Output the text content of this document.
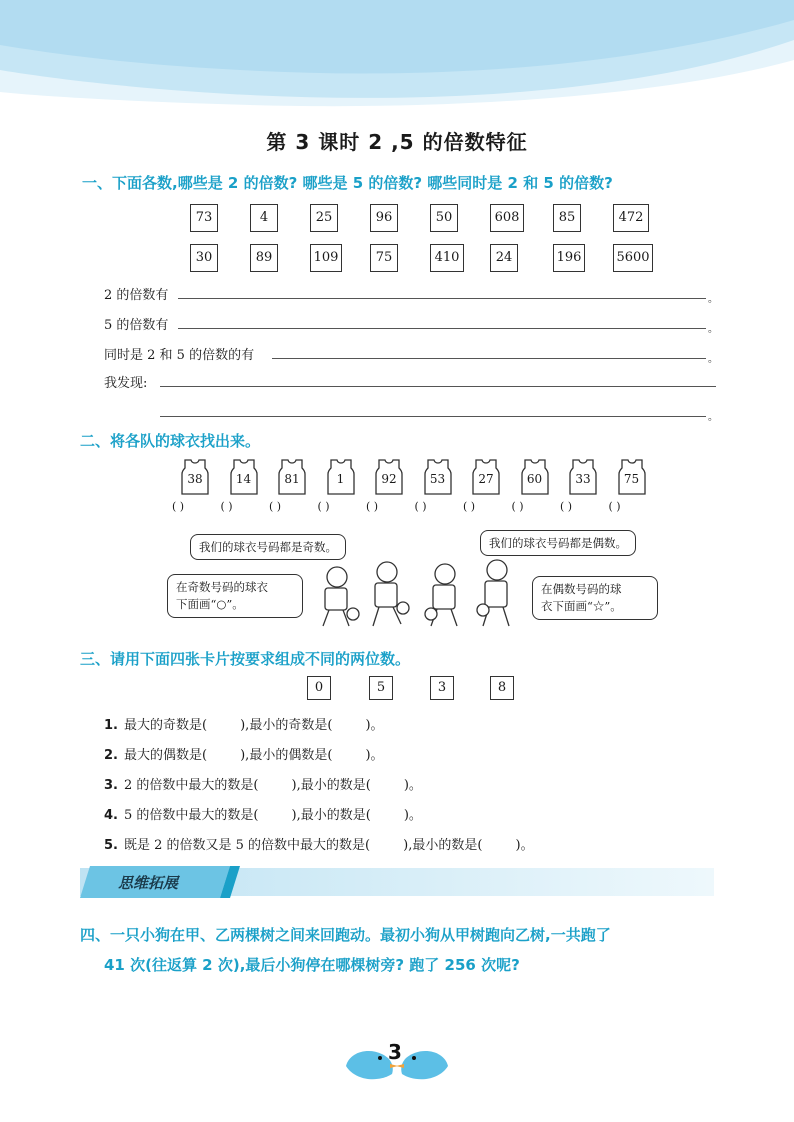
第 3 课时 2 ,5 的倍数特征
一、下面各数,哪些是 2 的倍数? 哪些是 5 的倍数? 哪些同时是 2 和 5 的倍数?
73	4	25	96	50	608	85	472
30	89	109	75	410	24	196	5600
2 的倍数有	。
5 的倍数有	。
同时是 2 和 5 的倍数的有	。
我发现:
。
二、将各队的球衣找出来。
38	14	81	1	92	53	27	60	33	75
( )	( )	( )	( )	( )	( )	( )	( )	( )	( )
我们的球衣号码都是奇数。	我们的球衣号码都是偶数。
在奇数号码的球衣
下面画“○”。
在偶数号码的球
衣下面画“☆”。
三、请用下面四张卡片按要求组成不同的两位数。
0	5	3	8
1. 最大的奇数是(        ),最小的奇数是(        )。
2. 最大的偶数是(        ),最小的偶数是(        )。
3. 2 的倍数中最大的数是(        ),最小的数是(        )。
4. 5 的倍数中最大的数是(        ),最小的数是(        )。
5. 既是 2 的倍数又是 5 的倍数中最大的数是(        ),最小的数是(        )。
思维拓展
四、一只小狗在甲、乙两棵树之间来回跑动。最初小狗从甲树跑向乙树,一共跑了
41 次(往返算 2 次),最后小狗停在哪棵树旁? 跑了 256 次呢?
3
